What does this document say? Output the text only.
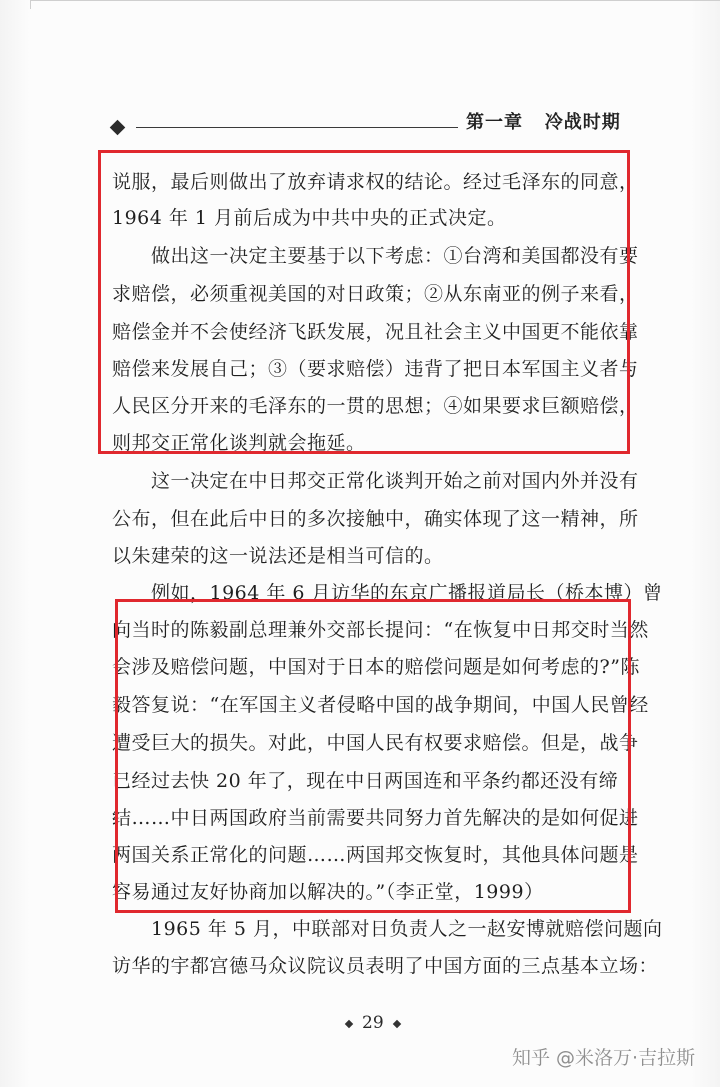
第一章   冷战时期
说服，最后则做出了放弃请求权的结论。经过毛泽东的同意，
1964 年 1 月前后成为中共中央的正式决定。
　　做出这一决定主要基于以下考虑：①台湾和美国都没有要
求赔偿，必须重视美国的对日政策；②从东南亚的例子来看，
赔偿金并不会使经济飞跃发展，况且社会主义中国更不能依靠
赔偿来发展自己；③（要求赔偿）违背了把日本军国主义者与
人民区分开来的毛泽东的一贯的思想；④如果要求巨额赔偿，
则邦交正常化谈判就会拖延。
　　这一决定在中日邦交正常化谈判开始之前对国内外并没有
公布，但在此后中日的多次接触中，确实体现了这一精神，所
以朱建荣的这一说法还是相当可信的。
　　例如，1964 年 6 月访华的东京广播报道局长（桥本博）曾
向当时的陈毅副总理兼外交部长提问：“在恢复中日邦交时当然
会涉及赔偿问题，中国对于日本的赔偿问题是如何考虑的?”陈
毅答复说：“在军国主义者侵略中国的战争期间，中国人民曾经
遭受巨大的损失。对此，中国人民有权要求赔偿。但是，战争
已经过去快 20 年了，现在中日两国连和平条约都还没有缔
结……中日两国政府当前需要共同努力首先解决的是如何促进
两国关系正常化的问题……两国邦交恢复时，其他具体问题是
容易通过友好协商加以解决的。”（李正堂，1999）
　　1965 年 5 月，中联部对日负责人之一赵安博就赔偿问题向
访华的宇都宫德马众议院议员表明了中国方面的三点基本立场：
29
知乎 @米洛万·吉拉斯
